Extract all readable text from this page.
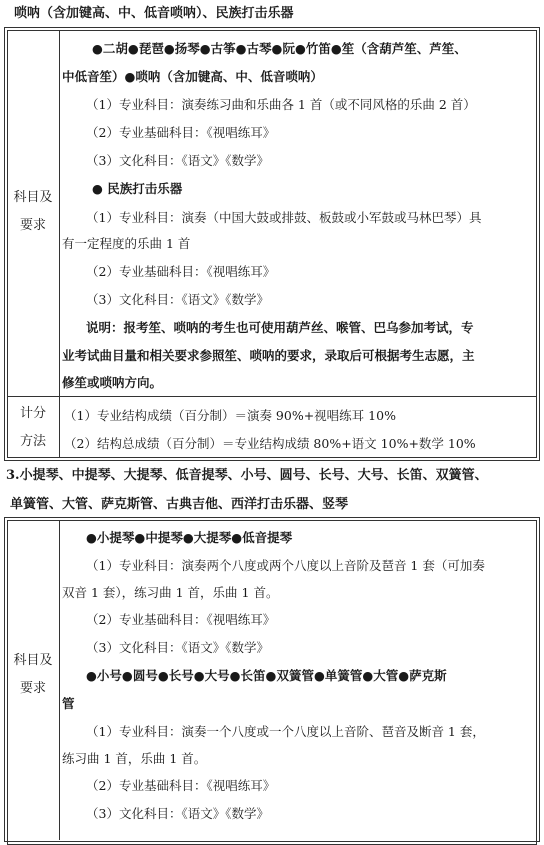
唢呐（含加键高、中、低音唢呐）、民族打击乐器
科目及
要求
●二胡●琵琶●扬琴●古筝●古琴●阮●竹笛●笙（含葫芦笙、芦笙、
中低音笙）●唢呐（含加键高、中、低音唢呐）
（1）专业科目：演奏练习曲和乐曲各 1 首（或不同风格的乐曲 2 首）
（2）专业基础科目：《视唱练耳》
（3）文化科目：《语文》《数学》
● 民族打击乐器
（1）专业科目：演奏（中国大鼓或排鼓、板鼓或小军鼓或马林巴琴）具
有一定程度的乐曲 1 首
（2）专业基础科目：《视唱练耳》
（3）文化科目：《语文》《数学》
说明：报考笙、唢呐的考生也可使用葫芦丝、喉管、巴乌参加考试，专
业考试曲目量和相关要求参照笙、唢呐的要求，录取后可根据考生志愿，主
修笙或唢呐方向。
计分
方法
（1）专业结构成绩（百分制）＝演奏 90%+视唱练耳 10%
（2）结构总成绩（百分制）＝专业结构成绩 80%+语文 10%+数学 10%
3.小提琴、中提琴、大提琴、低音提琴、小号、圆号、长号、大号、长笛、双簧管、
单簧管、大管、萨克斯管、古典吉他、西洋打击乐器、竖琴
科目及
要求
●小提琴●中提琴●大提琴●低音提琴
（1）专业科目：演奏两个八度或两个八度以上音阶及琶音 1 套（可加奏
双音 1 套），练习曲 1 首，乐曲 1 首。
（2）专业基础科目：《视唱练耳》
（3）文化科目：《语文》《数学》
●小号●圆号●长号●大号●长笛●双簧管●单簧管●大管●萨克斯
管
（1）专业科目：演奏一个八度或一个八度以上音阶、琶音及断音 1 套，
练习曲 1 首，乐曲 1 首。
（2）专业基础科目：《视唱练耳》
（3）文化科目：《语文》《数学》
